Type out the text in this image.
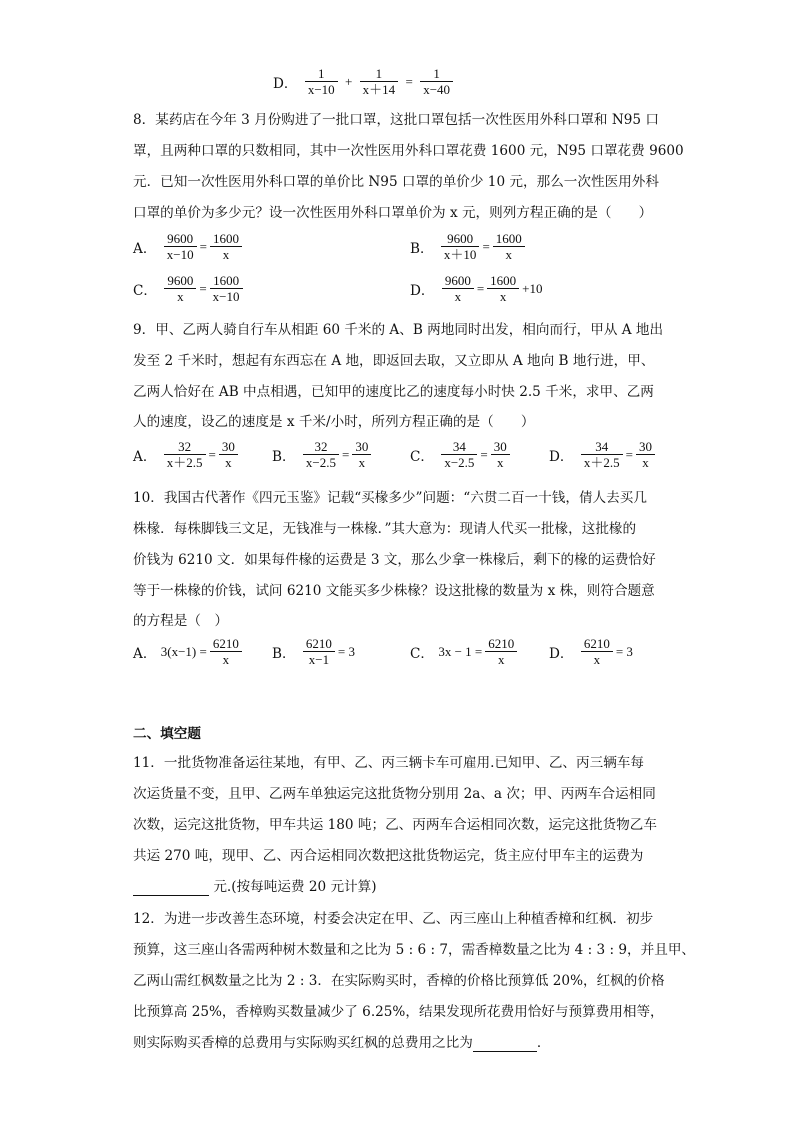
D． $\frac{1}{x-10} + \frac{1}{x+14} = \frac{1}{x-40}$
8．某药店在今年 3 月份购进了一批口罩，这批口罩包括一次性医用外科口罩和 N95 口
罩，且两种口罩的只数相同，其中一次性医用外科口罩花费 1600 元，N95 口罩花费 9600
元．已知一次性医用外科口罩的单价比 N95 口罩的单价少 10 元，那么一次性医用外科
口罩的单价为多少元？设一次性医用外科口罩单价为 x 元，则列方程正确的是（　　）
A． $\frac{9600}{x-10} = \frac{1600}{x}$	B． $\frac{9600}{x+10} = \frac{1600}{x}$
C． $\frac{9600}{x} = \frac{1600}{x-10}$	D． $\frac{9600}{x} = \frac{1600}{x} +10$
9．甲、乙两人骑自行车从相距 60 千米的 A、B 两地同时出发，相向而行，甲从 A 地出
发至 2 千米时，想起有东西忘在 A 地，即返回去取，又立即从 A 地向 B 地行进，甲、
乙两人恰好在 AB 中点相遇，已知甲的速度比乙的速度每小时快 2.5 千米，求甲、乙两
人的速度，设乙的速度是 x 千米/小时，所列方程正确的是（　　）
A． $\frac{32}{x+2.5} = \frac{30}{x}$	B． $\frac{32}{x-2.5} = \frac{30}{x}$	C． $\frac{34}{x-2.5} = \frac{30}{x}$	D． $\frac{34}{x+2.5} = \frac{30}{x}$
10．我国古代著作《四元玉鉴》记载“买椽多少”问题：“六贯二百一十钱，倩人去买几
株椽．每株脚钱三文足，无钱准与一株椽．”其大意为：现请人代买一批椽，这批椽的
价钱为 6210 文．如果每件椽的运费是 3 文，那么少拿一株椽后，剩下的椽的运费恰好
等于一株椽的价钱，试问 6210 文能买多少株椽？设这批椽的数量为 x 株，则符合题意
的方程是（　）
A． $3(x-1) = \frac{6210}{x}$ B． $\frac{6210}{x-1} = 3$	C． $3x - 1 = \frac{6210}{x}$ D． $\frac{6210}{x} = 3$
二、填空题
11．一批货物准备运往某地，有甲、乙、丙三辆卡车可雇用.已知甲、乙、丙三辆车每
次运货量不变，且甲、乙两车单独运完这批货物分别用 2a、a 次；甲、丙两车合运相同
次数，运完这批货物，甲车共运 180 吨；乙、丙两车合运相同次数，运完这批货物乙车
共运 270 吨，现甲、乙、丙合运相同次数把这批货物运完，货主应付甲车主的运费为
元.(按每吨运费 20 元计算)
12．为进一步改善生态环境，村委会决定在甲、乙、丙三座山上种植香樟和红枫．初步
预算，这三座山各需两种树木数量和之比为 5 : 6 : 7，需香樟数量之比为 4 : 3 : 9，并且甲、
乙两山需红枫数量之比为 2 : 3．在实际购买时，香樟的价格比预算低 20%，红枫的价格
比预算高 25%，香樟购买数量减少了 6.25%，结果发现所花费用恰好与预算费用相等，
则实际购买香樟的总费用与实际购买红枫的总费用之比为	．
